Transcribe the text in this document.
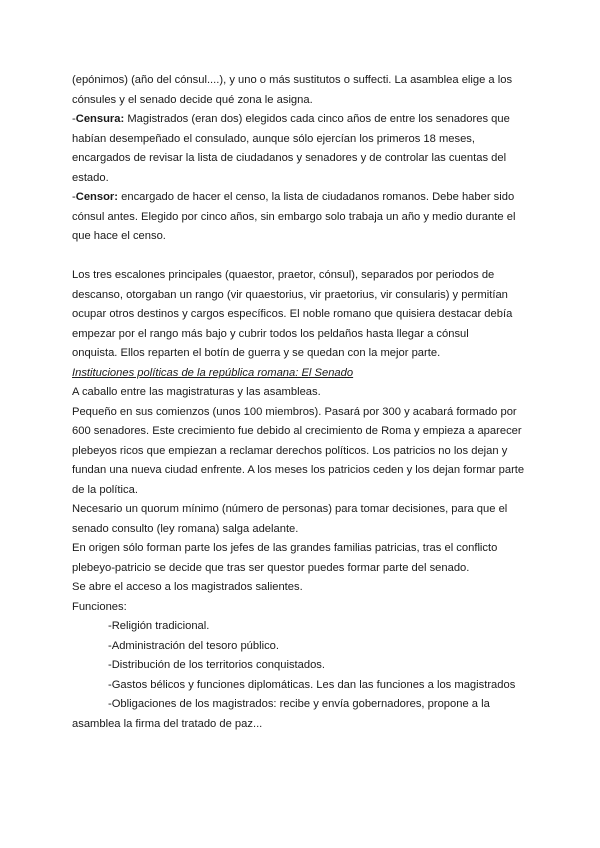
(epónimos) (año del cónsul....), y uno o más sustitutos o suffecti. La asamblea elige a los

cónsules y el senado decide qué zona le asigna.

-Censura: Magistrados (eran dos) elegidos cada cinco años de entre los senadores que

habían desempeñado el consulado, aunque sólo ejercían los primeros 18 meses,

encargados de revisar la lista de ciudadanos y senadores y de controlar las cuentas del

estado.

-Censor: encargado de hacer el censo, la lista de ciudadanos romanos. Debe haber sido

cónsul antes. Elegido por cinco años, sin embargo solo trabaja un año y medio durante el

que hace el censo.

Los tres escalones principales (quaestor, praetor, cónsul), separados por periodos de

descanso, otorgaban un rango (vir quaestorius, vir praetorius, vir consularis) y permitían

ocupar otros destinos y cargos específicos. El noble romano que quisiera destacar debía

empezar por el rango más bajo y cubrir todos los peldaños hasta llegar a cónsul

onquista. Ellos reparten el botín de guerra y se quedan con la mejor parte.

Instituciones políticas de la república romana: El Senado

A caballo entre las magistraturas y las asambleas.

Pequeño en sus comienzos (unos 100 miembros). Pasará por 300 y acabará formado por

600 senadores. Este crecimiento fue debido al crecimiento de Roma y empieza a aparecer

plebeyos ricos que empiezan a reclamar derechos políticos. Los patricios no los dejan y

fundan una nueva ciudad enfrente. A los meses los patricios ceden y los dejan formar parte

de la política.

Necesario un quorum mínimo (número de personas) para tomar decisiones, para que el

senado consulto (ley romana) salga adelante.

En origen sólo forman parte los jefes de las grandes familias patricias, tras el conflicto

plebeyo-patricio se decide que tras ser questor puedes formar parte del senado.

Se abre el acceso a los magistrados salientes.

Funciones:

-Religión tradicional.

-Administración del tesoro público.

-Distribución de los territorios conquistados.

-Gastos bélicos y funciones diplomáticas. Les dan las funciones a los magistrados

-Obligaciones de los magistrados: recibe y envía gobernadores, propone a la

asamblea la firma del tratado de paz...
